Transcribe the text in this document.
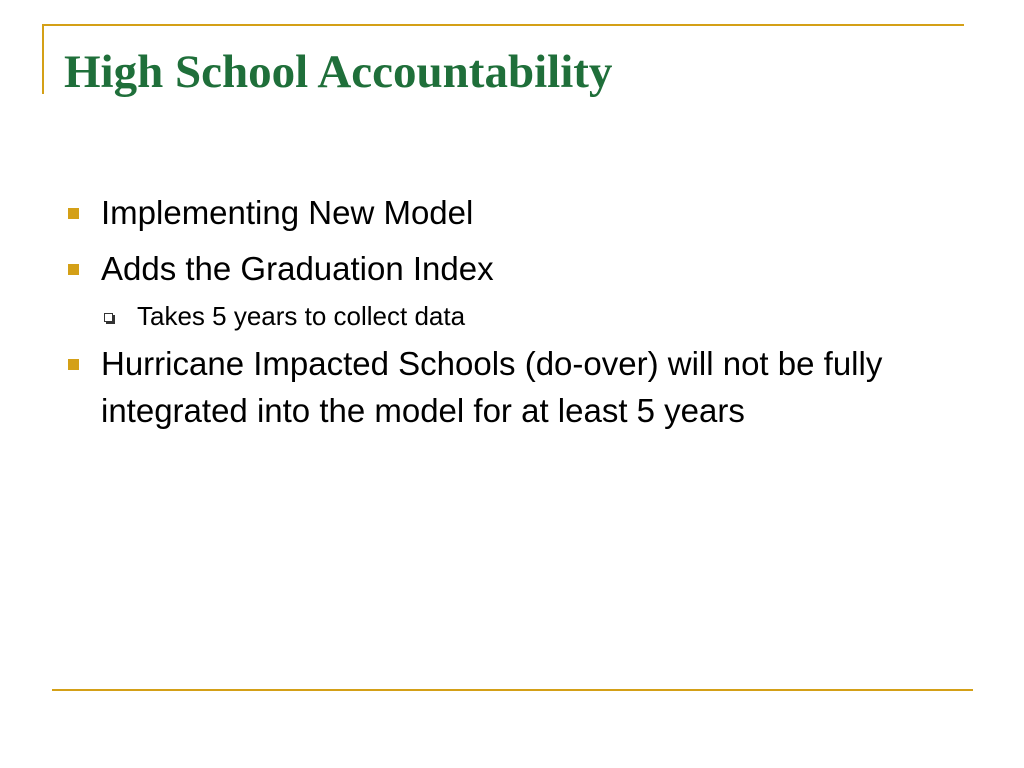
High School Accountability
Implementing New Model
Adds the Graduation Index
Takes 5 years to collect data
Hurricane Impacted Schools (do-over) will not be fully integrated into the model for at least 5 years
